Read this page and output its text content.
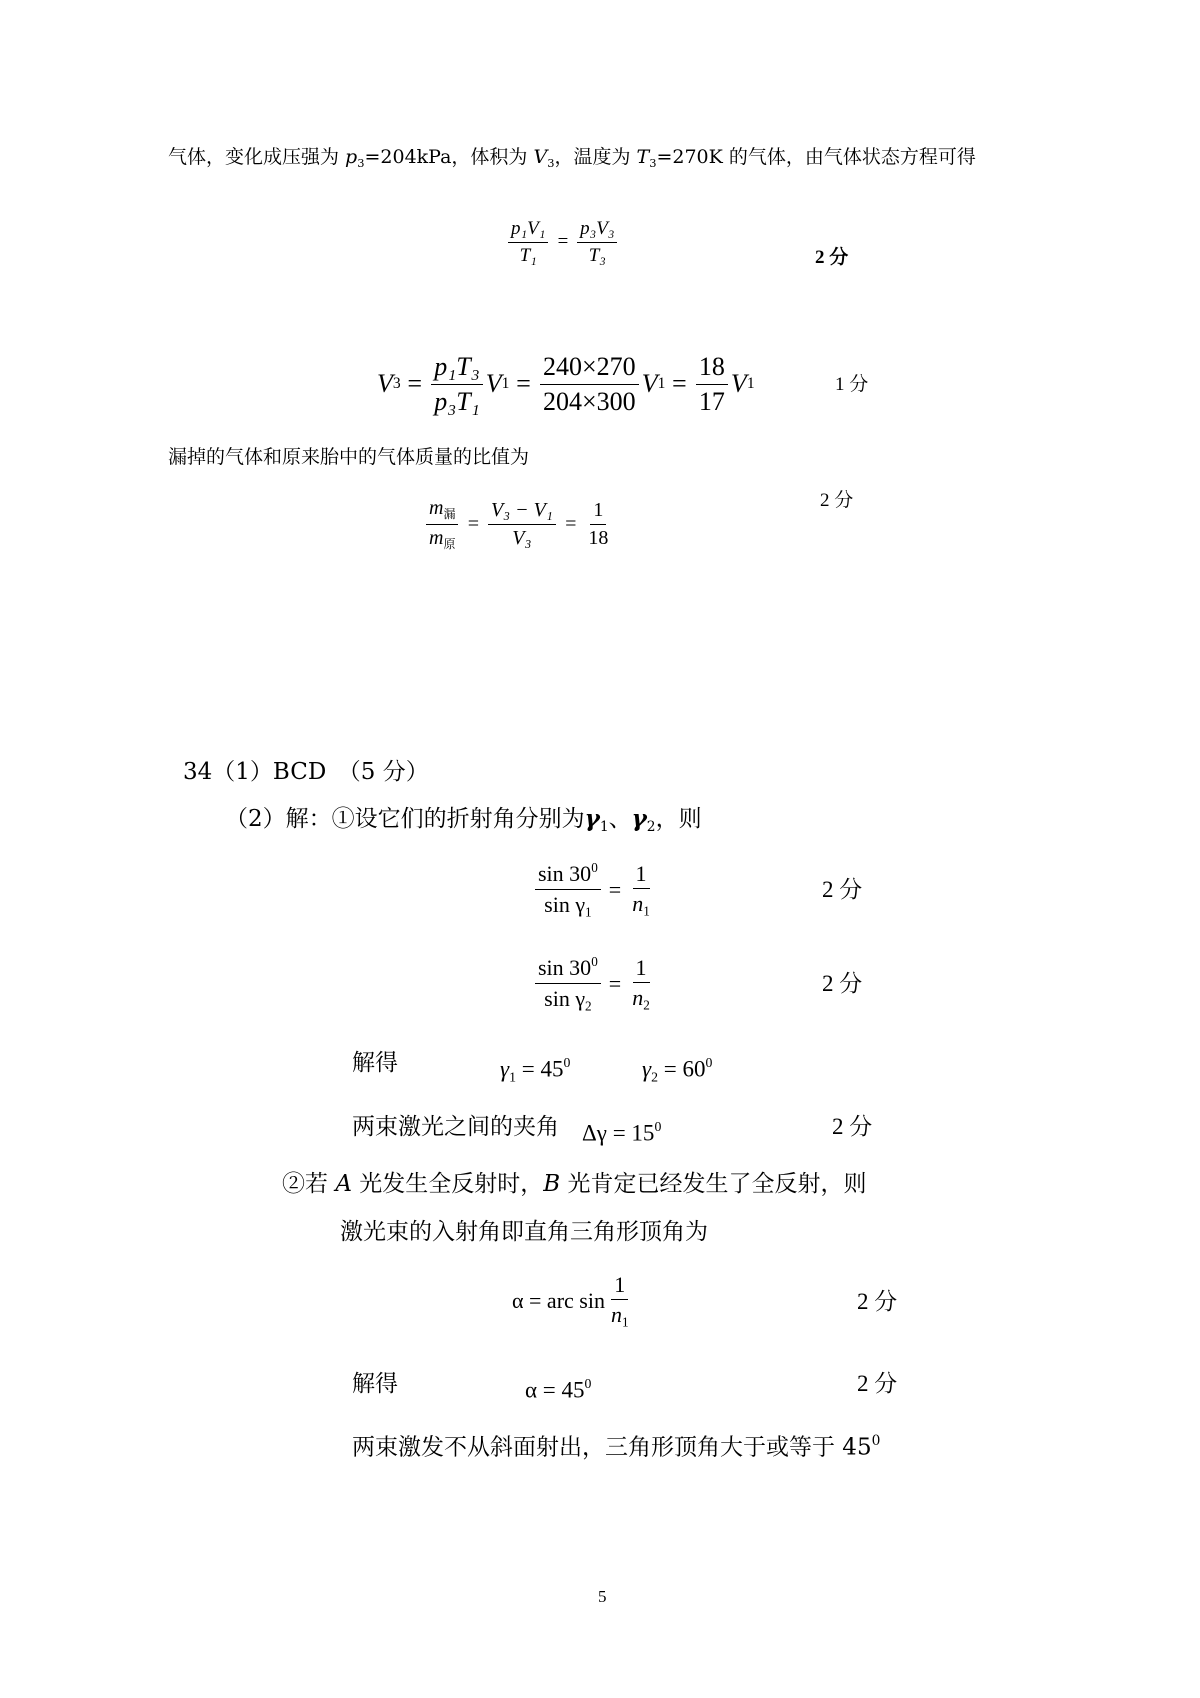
气体，变化成压强为 $p_3=204kPa$，体积为 $V_3$，温度为 $T_3=270K$ 的气体，由气体状态方程可得
$\frac{\text{p₁V₁}}{\text{T₁}} = \frac{\text{p₃V₃}}{\text{T₃}}$	2 分
V $3 = \frac{\text{p₁T₃}}{\text{p₃T₁}}$ V $1 = \frac{240\times 270}{204\times 300}$ V $1 = \frac{18}{17}$ V 1	1 分
漏掉的气体和原来胎中的气体质量的比值为
$\frac{m_漏}{m_原} = \frac{\text{V₃ − V₁}}{\text{V₃}} = \frac{1}{18}$	2 分
34（1）BCD　（5 分）
（2）解：①设它们的折射角分别为$\gamma_1$、$\gamma_2$，则
$\frac{\sin 30^0}{\sin \gamma_1} = \frac{1}{n_1}$	2 分
$\frac{\sin 30^0}{\sin \gamma_2} = \frac{1}{n_2}$	2 分
解得	$\gamma_1 = 45^0$	$\gamma_2 = 60^0$
两束激光之间的夹角 $\Delta\gamma = 15^0$	2 分
②若 A 光发生全反射时，B 光肯定已经发生了全反射，则
激光束的入射角即直角三角形顶角为
α = arc $\sin \frac{1}{n_1}$	2 分
解得	$\alpha = 45^0$	2 分
两束激发不从斜面射出，三角形顶角大于或等于 $45^0$
5
